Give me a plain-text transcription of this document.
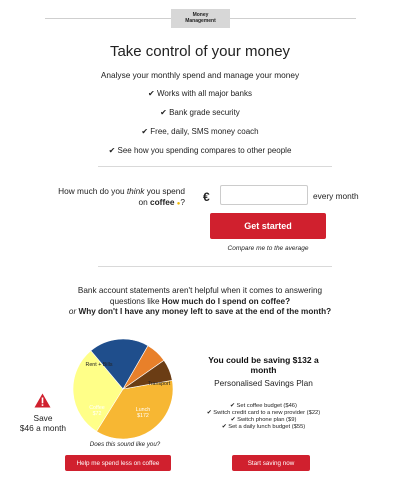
Money
Management
Take control of your money
Analyse your monthly spend and manage your money
✔ Works with all major banks
✔ Bank grade security
✔ Free, daily, SMS money coach
✔ See how you spending compares to other people
How much do you think you spend
on coffee ●? €	every month
Get started
Compare me to the average
Bank account statements aren't helpful when it comes to answering
questions like How much do I spend on coffee?
or Why don't I have any money left to save at the end of the month?
Rent + Bills
Transport
Lunch
$172
Coffee
$72
Save
$46 a month
Does this sound like you?
You could be saving $132 a month
Personalised Savings Plan
✔ Set coffee budget ($46)
✔ Switch credit card to a new provider ($22)
✔ Switch phone plan ($9)
✔ Set a daily lunch budget ($55)
Help me spend less on coffee	Start saving now
